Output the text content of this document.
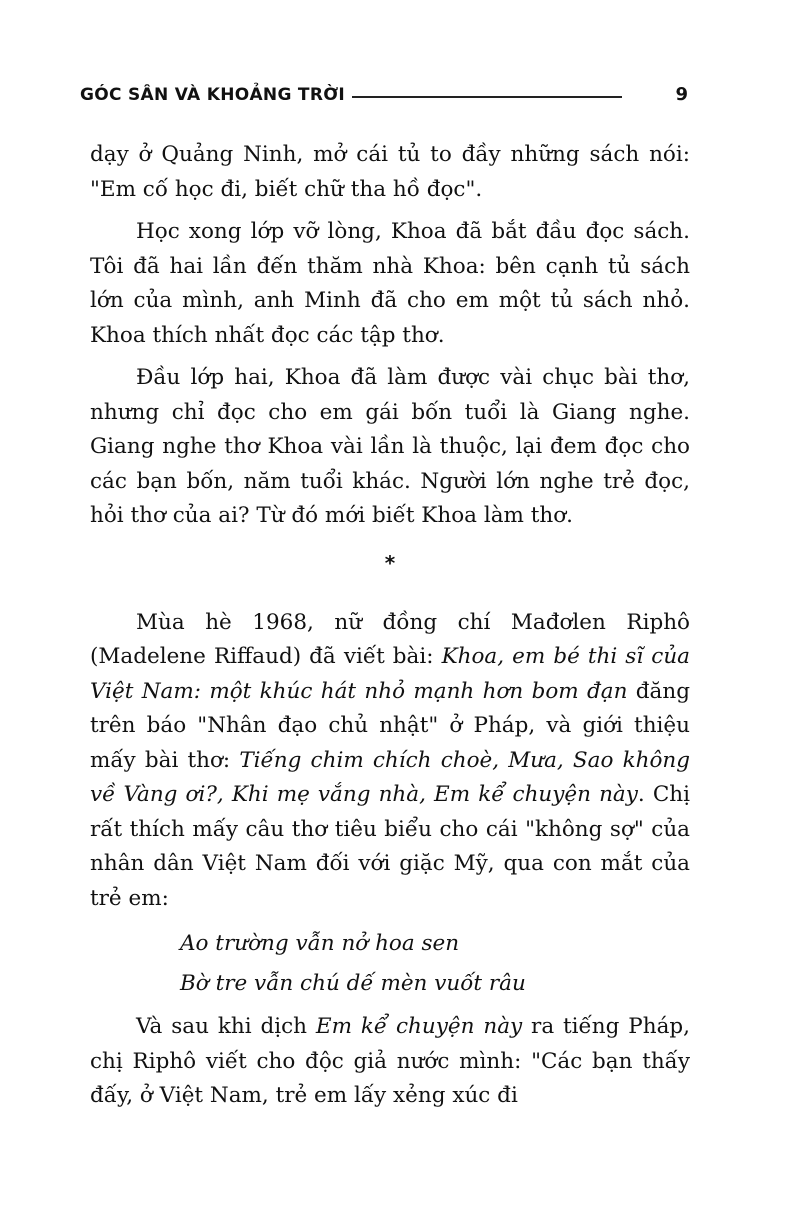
GÓC SÂN VÀ KHOẢNG TRỜI	9

dạy ở Quảng Ninh, mở cái tủ to đầy những sách nói: "Em cố học đi, biết chữ tha hồ đọc".

Học xong lớp vỡ lòng, Khoa đã bắt đầu đọc sách. Tôi đã hai lần đến thăm nhà Khoa: bên cạnh tủ sách lớn của mình, anh Minh đã cho em một tủ sách nhỏ. Khoa thích nhất đọc các tập thơ.

Đầu lớp hai, Khoa đã làm được vài chục bài thơ, nhưng chỉ đọc cho em gái bốn tuổi là Giang nghe. Giang nghe thơ Khoa vài lần là thuộc, lại đem đọc cho các bạn bốn, năm tuổi khác. Người lớn nghe trẻ đọc, hỏi thơ của ai? Từ đó mới biết Khoa làm thơ.

*

Mùa hè 1968, nữ đồng chí Mađơlen Riphô (Madelene Riffaud) đã viết bài: Khoa, em bé thi sĩ của Việt Nam: một khúc hát nhỏ mạnh hơn bom đạn đăng trên báo "Nhân đạo chủ nhật" ở Pháp, và giới thiệu mấy bài thơ: Tiếng chim chích choè, Mưa, Sao không về Vàng ơi?, Khi mẹ vắng nhà, Em kể chuyện này. Chị rất thích mấy câu thơ tiêu biểu cho cái "không sợ" của nhân dân Việt Nam đối với giặc Mỹ, qua con mắt của trẻ em:

Ao trường vẫn nở hoa sen

Bờ tre vẫn chú dế mèn vuốt râu

Và sau khi dịch Em kể chuyện này ra tiếng Pháp, chị Riphô viết cho độc giả nước mình: "Các bạn thấy đấy, ở Việt Nam, trẻ em lấy xẻng xúc đi
